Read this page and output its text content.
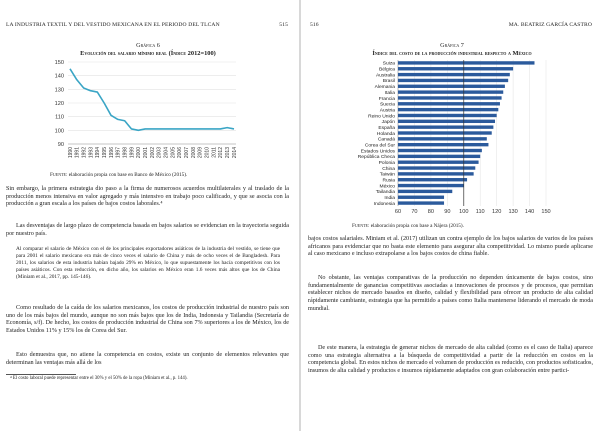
LA INDUSTRIA TEXTIL Y DEL VESTIDO MEXICANA EN EL PERIODO DEL TLCAN	515
Gráfica 6
Evolución del salario mínimo real (Índice 2012=100)
90
100
110
120
130
140
150
1990 1991 1992 1993 1994 1995 1996 1997 1998 1999 2000 2001 2002 2003 2004 2005 2006 2007 2008 2009 2010 2011 2012 2013 2014
Fuente: elaboración propia con base en Banco de México (2015).

Sin embargo, la primera estrategia dio paso a la firma de numerosos acuerdos multilaterales y al traslado de la producción menos intensiva en valor agregado y más intensivo en trabajo poco calificado, y que se asocia con la producción a gran escala a los países de bajos costos laborales.⁴

Las desventajas de largo plazo de competencia basada en bajos salarios se evidencian en la trayectoria seguida por nuestro país.

Al comparar el salario de México con el de los principales exportadores asiáticos de la industria del vestido, se tiene que para 2001 el salario mexicano era más de cinco veces el salario de China y más de ocho veces el de Bangladesh. Para 2011, los salarios de esta industria habían bajado 29% en México, lo que supuestamente los hacía competitivos con los países asiáticos. Con esta reducción, en dicho año, los salarios en México eran 1.6 veces más altos que los de China (Miniam et al., 2017, pp. 145-146).

Como resultado de la caída de los salarios mexicanos, los costos de producción industrial de nuestro país son uno de los más bajos del mundo, aunque no son más bajos que los de India, Indonesia y Tailandia (Secretaría de Economía, s/f). De hecho, los costos de producción industrial de China son 7% superiores a los de México, los de Estados Unidos 11% y 15% los de Corea del Sur.

Esto demuestra que, no atiene la competencia en costos, existe un conjunto de elementos relevantes que determinan las ventajas más allá de los

⁴ El costo laboral puede representar entre el 30% y el 50% de la ropa (Miniam et al., p. 144).
516	MA. BEATRIZ GARCÍA CASTRO
Gráfica 7
Índice del costo de la producción industrial respecto a México
60 70 80 90 100 110 120 130 140 150
Suiza
Bélgica
Australia
Brasil
Alemania
Italia
Francia
Suecia
Austria
Reino Unido
Japón
España
Holanda
Canadá
Corea del Sur
Estados Unidos
República Checa
Polonia
China
Taiwán
Rusia
México
Tailandia
India
Indonesia
Fuente: elaboración propia con base a Nájera (2015).

bajos costos salariales. Miniam et al. (2017) utilizan un contra ejemplo de los bajos salarios de varios de los países africanos para evidenciar que no basta este elemento para asegurar alta competitividad. Lo mismo puede aplicarse al caso mexicano e incluso extrapolarse a los bajos costos de china fiable.

No obstante, las ventajas comparativas de la producción no dependen únicamente de bajos costos, sino fundamentalmente de ganancias competitivas asociadas a innovaciones de procesos y de procesos, que permitan establecer nichos de mercado basados en diseño, calidad y flexibilidad para ofrecer un producto de alta calidad rápidamente cambiante, estrategia que ha permitido a países como Italia mantenerse liderando el mercado de moda mundial.

De este manera, la estrategia de generar nichos de mercado de alta calidad (como es el caso de Italia) aparece como una estrategia alternativa a la búsqueda de competitividad a partir de la reducción en costos en la competencia global. En estos nichos de mercado el volumen de producción es reducido, con productos sofisticados, insumos de alta calidad y productos e insumos rápidamente adaptados con gran colaboración entre partici-
